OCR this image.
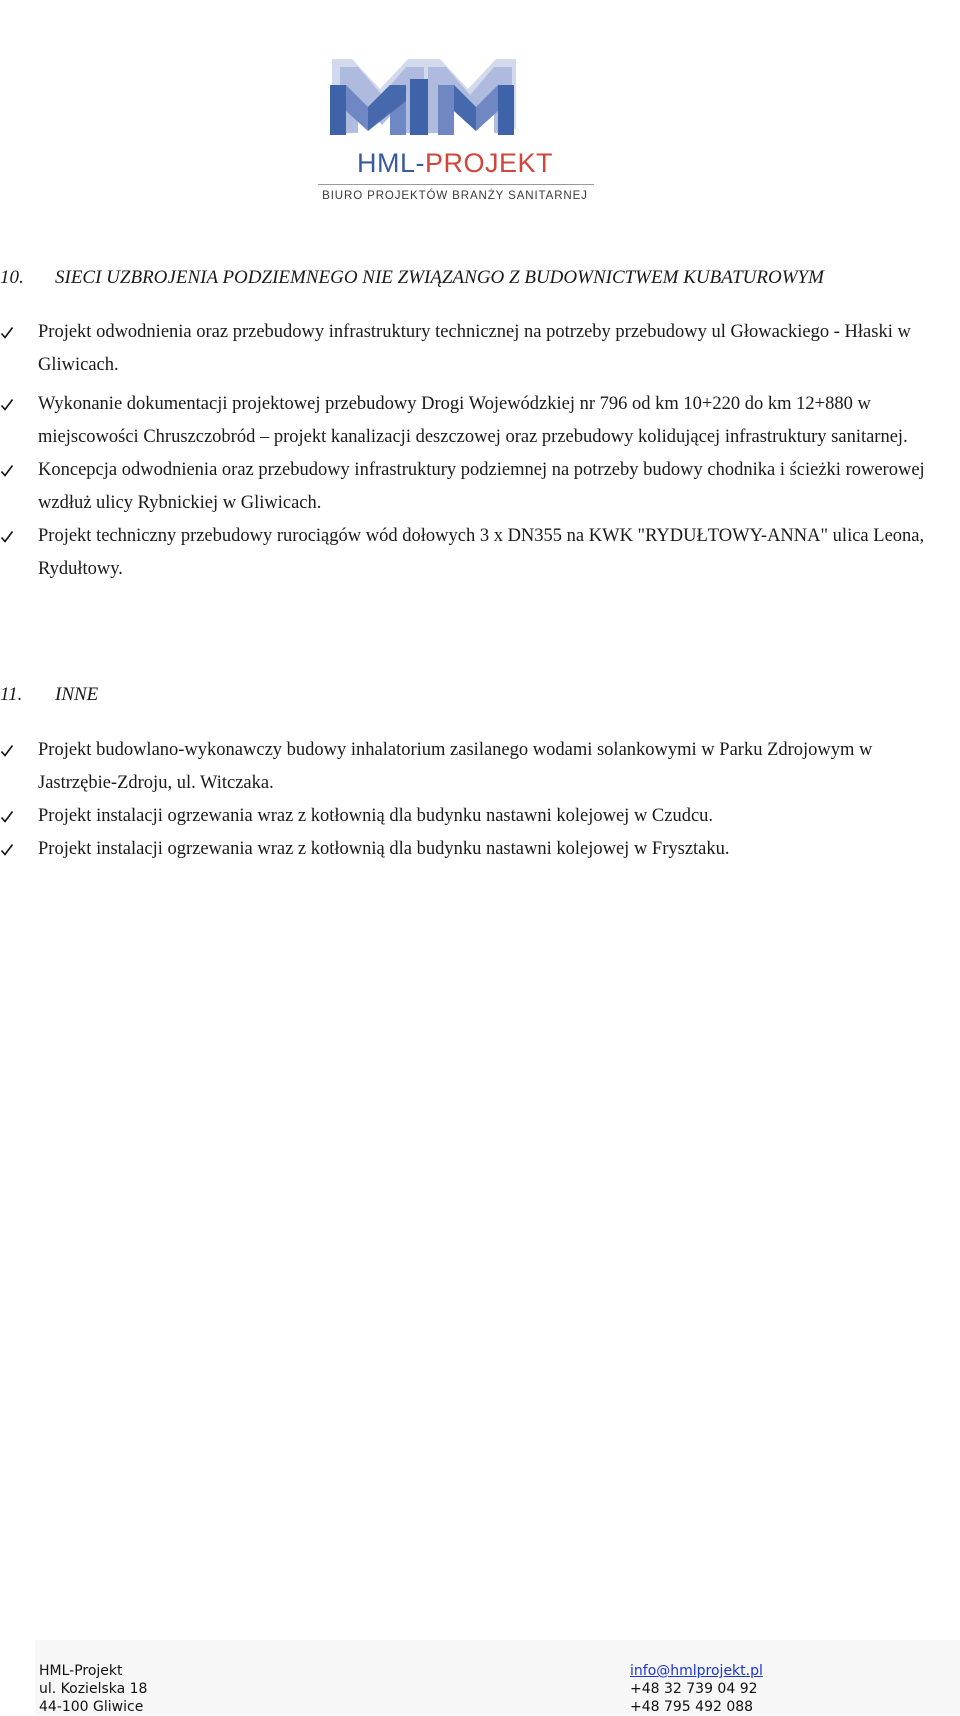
HML-PROJEKT
BIURO PROJEKTÓW BRANŻY SANITARNEJ
10. SIECI UZBROJENIA PODZIEMNEGO NIE ZWIĄZANGO Z BUDOWNICTWEM KUBATUROWYM
Projekt odwodnienia oraz przebudowy infrastruktury technicznej na potrzeby przebudowy ul Głowackiego - Hłaski w Gliwicach.
Wykonanie dokumentacji projektowej przebudowy Drogi Wojewódzkiej nr 796 od km 10+220 do km 12+880 w miejscowości Chruszczobród – projekt kanalizacji deszczowej oraz przebudowy kolidującej infrastruktury sanitarnej.
Koncepcja odwodnienia oraz przebudowy infrastruktury podziemnej na potrzeby budowy chodnika i ścieżki rowerowej wzdłuż ulicy Rybnickiej w Gliwicach.
Projekt techniczny przebudowy rurociągów wód dołowych 3 x DN355 na KWK "RYDUŁTOWY-ANNA" ulica Leona, Rydułtowy.
11. INNE
Projekt budowlano-wykonawczy budowy inhalatorium zasilanego wodami solankowymi w Parku Zdrojowym w Jastrzębie-Zdroju, ul. Witczaka.
Projekt instalacji ogrzewania wraz z kotłownią dla budynku nastawni kolejowej w Czudcu.
Projekt instalacji ogrzewania wraz z kotłownią dla budynku nastawni kolejowej w Frysztaku.
HML-Projekt
ul. Kozielska 18
44-100 Gliwice
info@hmlprojekt.pl
+48 32 739 04 92
+48 795 492 088
